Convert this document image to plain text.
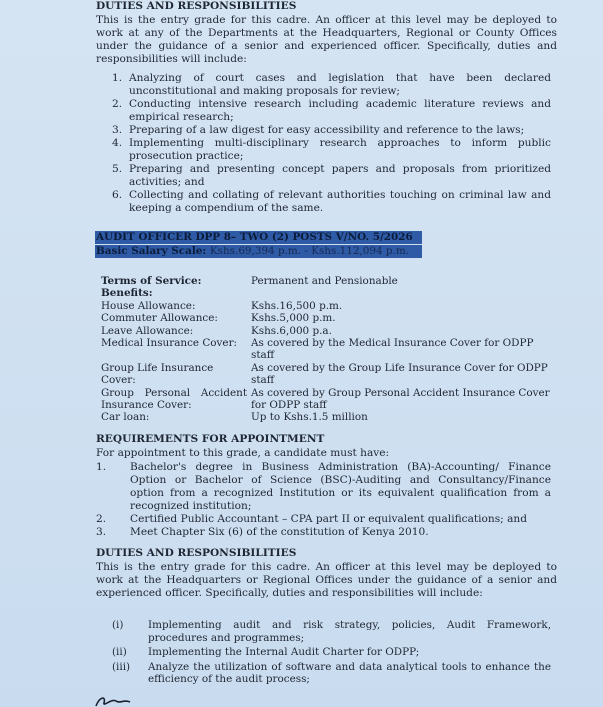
DUTIES AND RESPONSIBILITIES
This is the entry grade for this cadre. An officer at this level may be deployed to work at any of the Departments at the Headquarters, Regional or County Offices under the guidance of a senior and experienced officer. Specifically, duties and responsibilities will include:
1. Analyzing of court cases and legislation that have been declared unconstitutional and making proposals for review;
2. Conducting intensive research including academic literature reviews and empirical research;
3. Preparing of a law digest for easy accessibility and reference to the laws;
4. Implementing multi-disciplinary research approaches to inform public prosecution practice;
5. Preparing and presenting concept papers and proposals from prioritized activities; and
6. Collecting and collating of relevant authorities touching on criminal law and keeping a compendium of the same.
AUDIT OFFICER DPP 8– TWO (2) POSTS V/NO. 5/2026
Basic Salary Scale: Kshs.69,394 p.m. - Kshs.112,094 p.m.
Terms of Service:	Permanent and Pensionable
Benefits:
House Allowance:	Kshs.16,500 p.m.
Commuter Allowance:	Kshs.5,000 p.m.
Leave Allowance:	Kshs.6,000 p.a.
Medical Insurance Cover:	As covered by the Medical Insurance Cover for ODPP staff
Group Life Insurance Cover:
As covered by the Group Life Insurance Cover for ODPP staff
Group Personal Accident Insurance Cover:
As covered by Group Personal Accident Insurance Cover for ODPP staff
Car loan:	Up to Kshs.1.5 million
REQUIREMENTS FOR APPOINTMENT
For appointment to this grade, a candidate must have:
1. Bachelor's degree in Business Administration (BA)-Accounting/ Finance Option or Bachelor of Science (BSC)-Auditing and Consultancy/Finance option from a recognized Institution or its equivalent qualification from a recognized institution;
2. Certified Public Accountant – CPA part II or equivalent qualifications; and
3. Meet Chapter Six (6) of the constitution of Kenya 2010.
DUTIES AND RESPONSIBILITIES
This is the entry grade for this cadre. An officer at this level may be deployed to work at the Headquarters or Regional Offices under the guidance of a senior and experienced officer. Specifically, duties and responsibilities will include:
(i) Implementing audit and risk strategy, policies, Audit Framework, procedures and programmes;
(ii) Implementing the Internal Audit Charter for ODPP;
(iii) Analyze the utilization of software and data analytical tools to enhance the efficiency of the audit process;
